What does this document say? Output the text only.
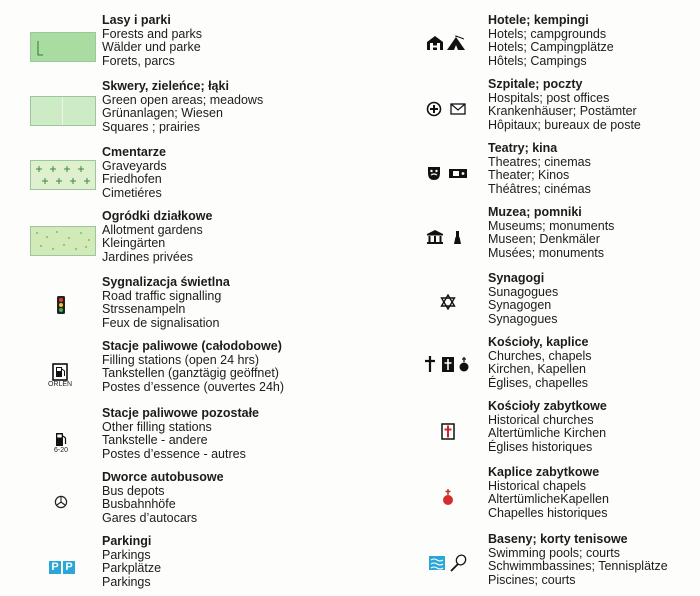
Lasy i parki
Forests and parks
Wälder und parke
Forets, parcs
Skwery, zieleńce; łąki
Green open areas; meadows
Grünanlagen; Wiesen
Squares ; prairies
Cmentarze
Graveyards
Friedhofen
Cimetiéres
Ogródki działkowe
Allotment gardens
Kleingärten
Jardines privées
Sygnalizacja świetlna
Road traffic signalling
Strssenampeln
Feux de signalisation
ORLEN
Stacje paliwowe (całodobowe)
Filling stations (open 24 hrs)
Tankstellen (ganztägig geöffnet)
Postes d’essence (ouvertes 24h)
6-20
Stacje paliwowe pozostałe
Other filling stations
Tankstelle - andere
Postes d’essence - autres
Dworce autobusowe
Bus depots
Busbahnhöfe
Gares d’autocars
P P
Parkingi
Parkings
Parkplätze
Parkings
Hotele; kempingi
Hotels; campgrounds
Hotels; Campingplätze
Hôtels; Campings
Szpitale; poczty
Hospitals; post offices
Krankenhäuser; Postämter
Hôpitaux; bureaux de poste
Teatry; kina
Theatres; cinemas
Theater; Kinos
Théâtres; cinémas
Muzea; pomniki
Museums; monuments
Museen; Denkmäler
Musées; monuments
Synagogi
Sunagogues
Synagogen
Synagogues
Kościoły, kaplice
Churches, chapels
Kirchen, Kapellen
Églises, chapelles
Kościoły zabytkowe
Historical churches
Altertümliche Kirchen
Églises historiques
Kaplice zabytkowe
Historical chapels
AltertümlicheKapellen
Chapelles historiques
Baseny; korty tenisowe
Swimming pools; courts
Schwimmbassines; Tennisplätze
Piscines; courts
